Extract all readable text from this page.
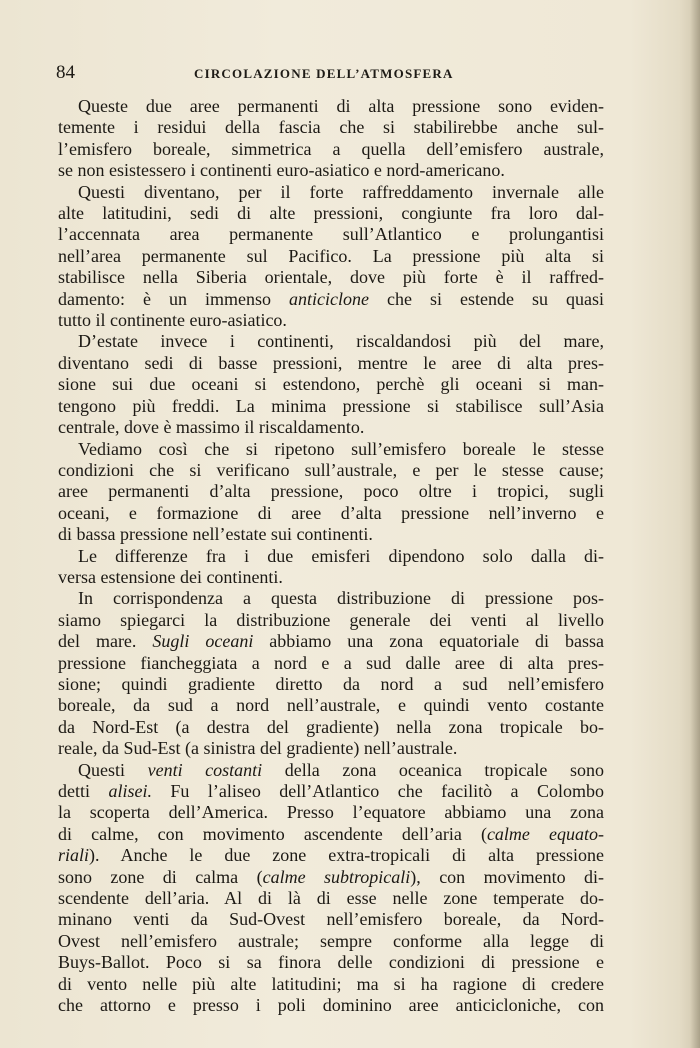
84	CIRCOLAZIONE DELL’ATMOSFERA
Queste due aree permanenti di alta pressione sono eviden-
temente i residui della fascia che si stabilirebbe anche sul-
l’emisfero boreale, simmetrica a quella dell’emisfero australe,
se non esistessero i continenti euro-asiatico e nord-americano.
Questi diventano, per il forte raffreddamento invernale alle
alte latitudini, sedi di alte pressioni, congiunte fra loro dal-
l’accennata area permanente sull’Atlantico e prolungantisi
nell’area permanente sul Pacifico. La pressione più alta si
stabilisce nella Siberia orientale, dove più forte è il raffred-
damento: è un immenso anticiclone che si estende su quasi
tutto il continente euro-asiatico.
D’estate invece i continenti, riscaldandosi più del mare,
diventano sedi di basse pressioni, mentre le aree di alta pres-
sione sui due oceani si estendono, perchè gli oceani si man-
tengono più freddi. La minima pressione si stabilisce sull’Asia
centrale, dove è massimo il riscaldamento.
Vediamo così che si ripetono sull’emisfero boreale le stesse
condizioni che si verificano sull’australe, e per le stesse cause;
aree permanenti d’alta pressione, poco oltre i tropici, sugli
oceani, e formazione di aree d’alta pressione nell’inverno e
di bassa pressione nell’estate sui continenti.
Le differenze fra i due emisferi dipendono solo dalla di-
versa estensione dei continenti.
In corrispondenza a questa distribuzione di pressione pos-
siamo spiegarci la distribuzione generale dei venti al livello
del mare. Sugli oceani abbiamo una zona equatoriale di bassa
pressione fiancheggiata a nord e a sud dalle aree di alta pres-
sione; quindi gradiente diretto da nord a sud nell’emisfero
boreale, da sud a nord nell’australe, e quindi vento costante
da Nord-Est (a destra del gradiente) nella zona tropicale bo-
reale, da Sud-Est (a sinistra del gradiente) nell’australe.
Questi venti costanti della zona oceanica tropicale sono
detti alisei. Fu l’aliseo dell’Atlantico che facilitò a Colombo
la scoperta dell’America. Presso l’equatore abbiamo una zona
di calme, con movimento ascendente dell’aria (calme equato-
riali). Anche le due zone extra-tropicali di alta pressione
sono zone di calma (calme subtropicali), con movimento di-
scendente dell’aria. Al di là di esse nelle zone temperate do-
minano venti da Sud-Ovest nell’emisfero boreale, da Nord-
Ovest nell’emisfero australe; sempre conforme alla legge di
Buys-Ballot. Poco si sa finora delle condizioni di pressione e
di vento nelle più alte latitudini; ma si ha ragione di credere
che attorno e presso i poli dominino aree anticicloniche, con
